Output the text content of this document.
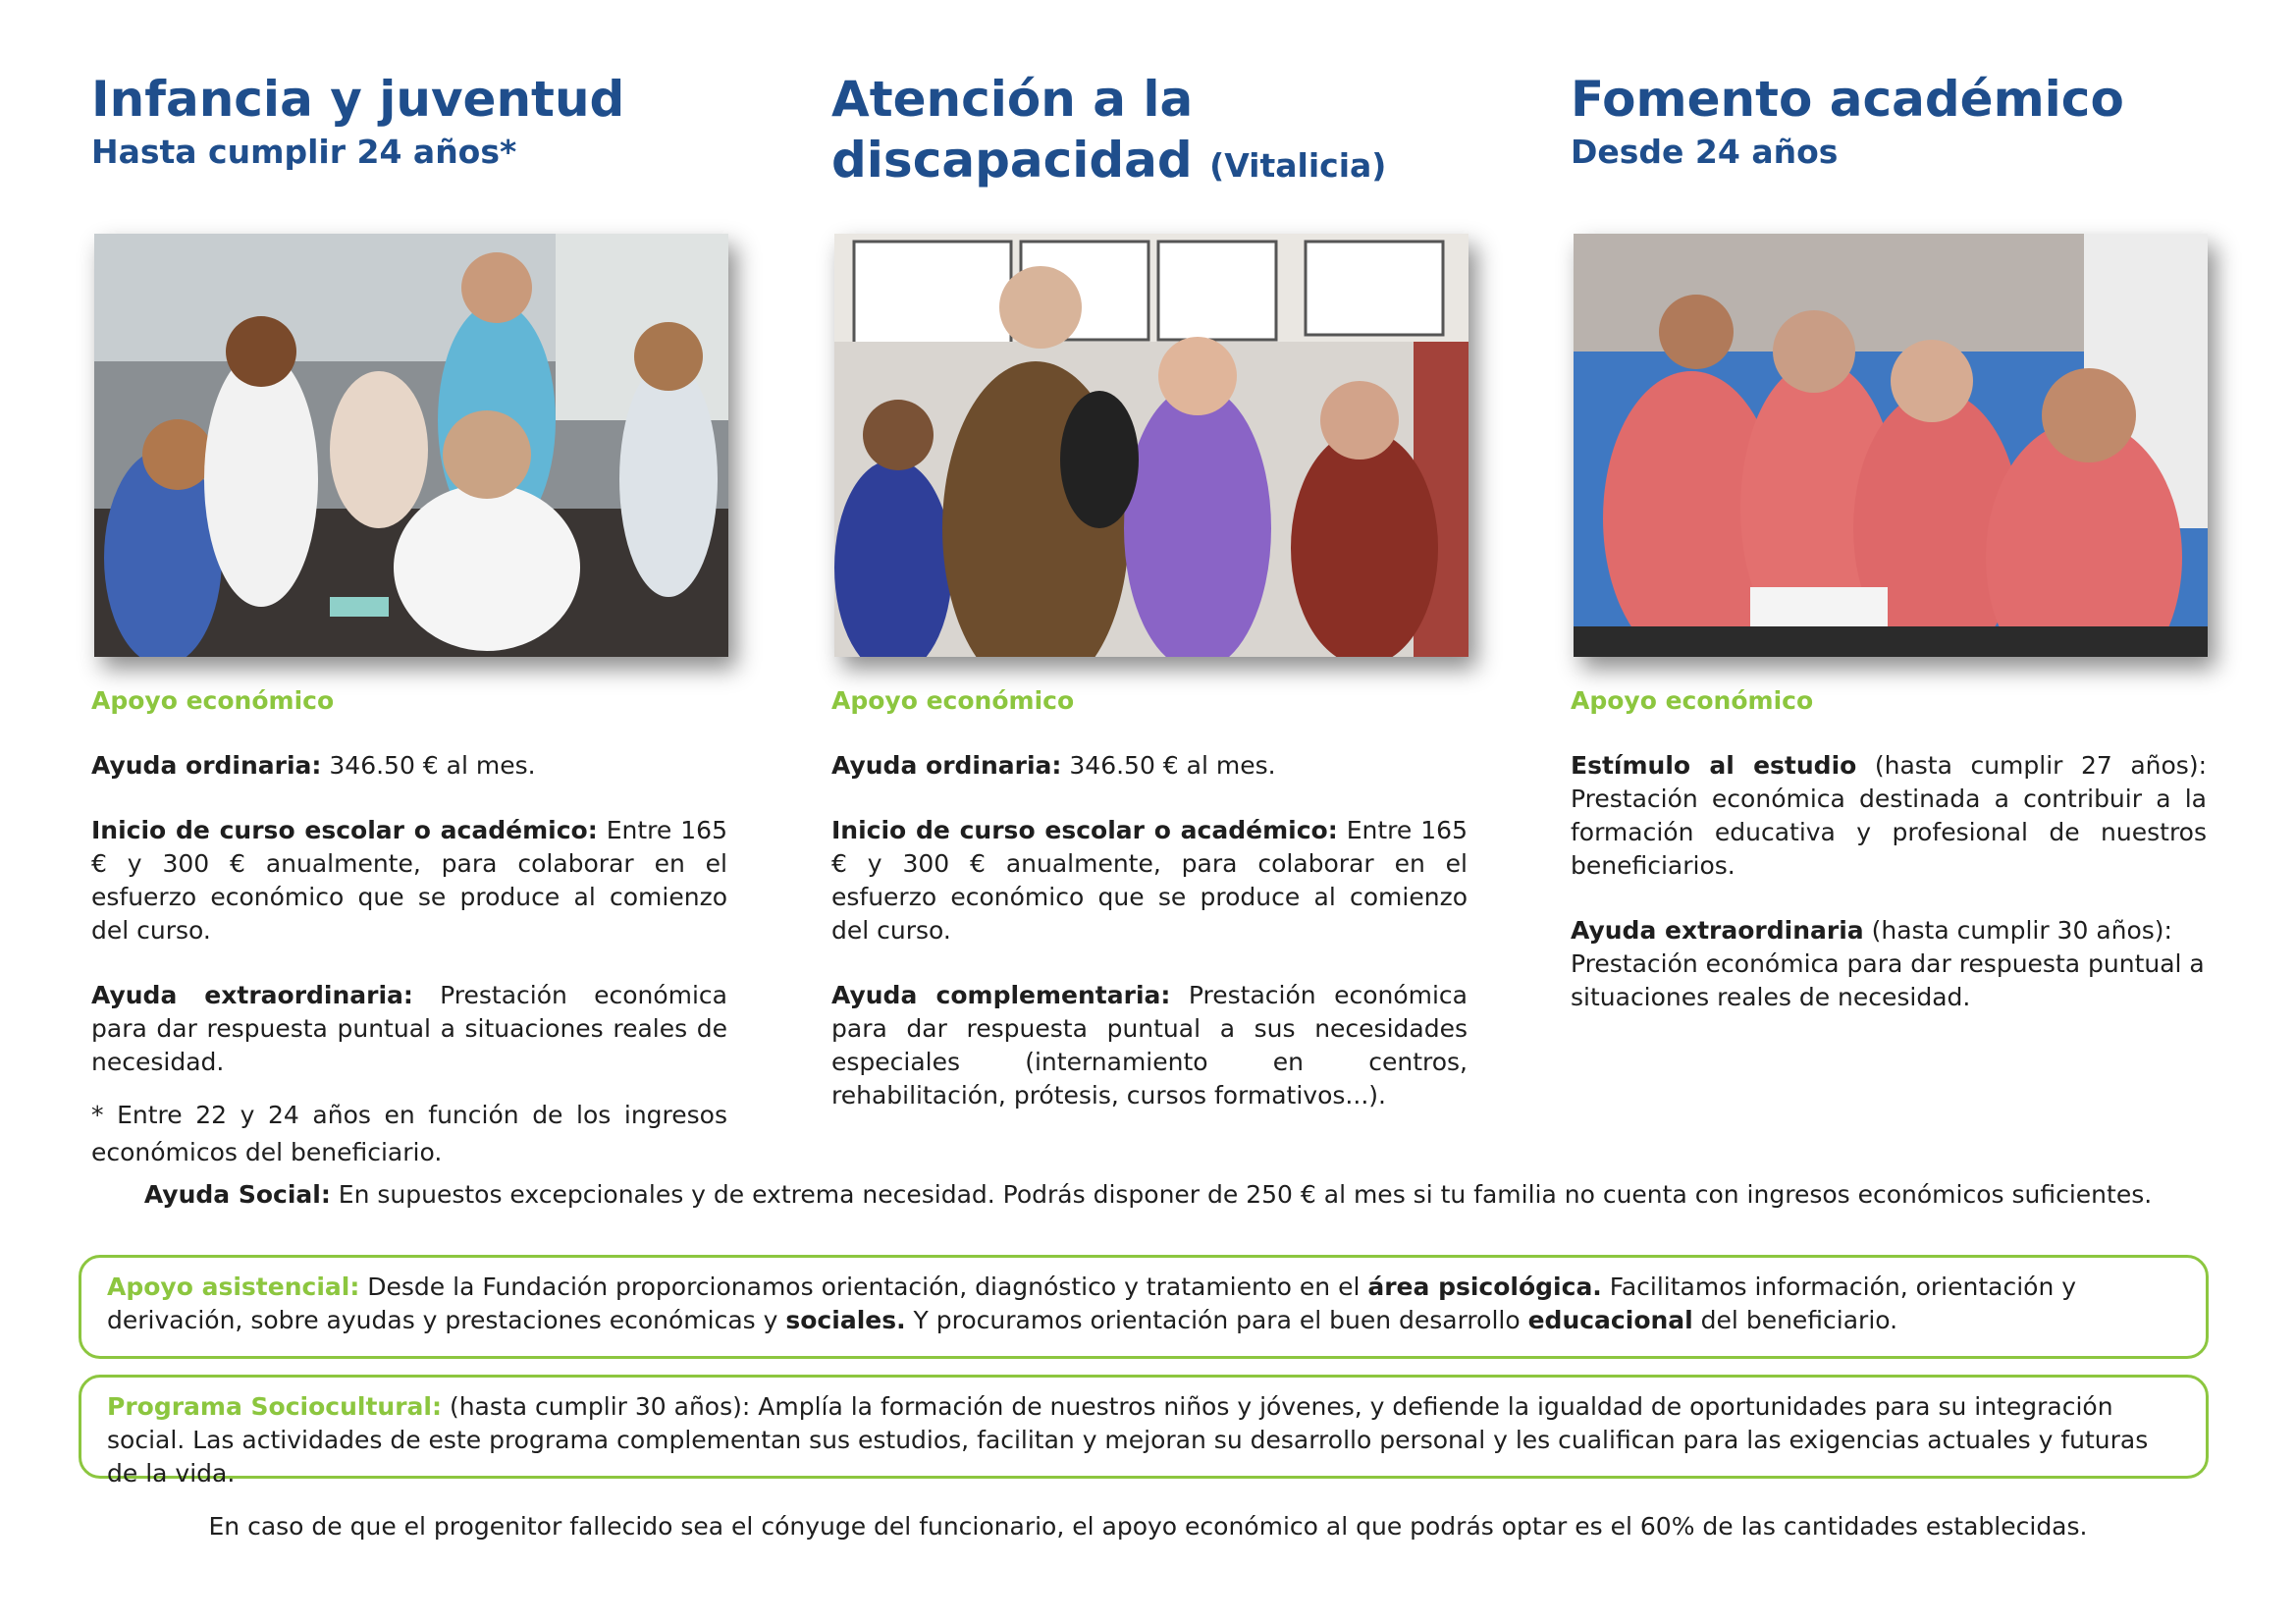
Infancia y juventud
Hasta cumplir 24 años*

Apoyo económico

Ayuda ordinaria: 346.50 € al mes.

Inicio de curso escolar o académico: Entre 165 € y 300 € anualmente, para colaborar en el esfuerzo económico que se produce al comienzo del curso.

Ayuda extraordinaria: Prestación económica para dar respuesta puntual a situaciones reales de necesidad.

* Entre 22 y 24 años en función de los ingresos económicos del beneficiario.

Atención a la
discapacidad (Vitalicia)

Apoyo económico

Ayuda ordinaria: 346.50 € al mes.

Inicio de curso escolar o académico: Entre 165 € y 300 € anualmente, para colaborar en el esfuerzo económico que se produce al comienzo del curso.

Ayuda complementaria: Prestación económica para dar respuesta puntual a sus necesidades especiales (internamiento en centros, rehabilitación, prótesis, cursos formativos...).

Fomento académico
Desde 24 años

Apoyo económico

Estímulo al estudio (hasta cumplir 27 años): Prestación económica destinada a contribuir a la formación educativa y profesional de nuestros beneficiarios.

Ayuda extraordinaria (hasta cumplir 30 años): Prestación económica para dar respuesta puntual a situaciones reales de necesidad.

Ayuda Social: En supuestos excepcionales y de extrema necesidad. Podrás disponer de 250 € al mes si tu familia no cuenta con ingresos económicos suficientes.
Apoyo asistencial: Desde la Fundación proporcionamos orientación, diagnóstico y tratamiento en el área psicológica. Facilitamos información, orientación y derivación, sobre ayudas y prestaciones económicas y sociales. Y procuramos orientación para el buen desarrollo educacional del beneficiario.
Programa Sociocultural: (hasta cumplir 30 años): Amplía la formación de nuestros niños y jóvenes, y defiende la igualdad de oportunidades para su integración social. Las actividades de este programa complementan sus estudios, facilitan y mejoran su desarrollo personal y les cualifican para las exigencias actuales y futuras de la vida.
En caso de que el progenitor fallecido sea el cónyuge del funcionario, el apoyo económico al que podrás optar es el 60% de las cantidades establecidas.
